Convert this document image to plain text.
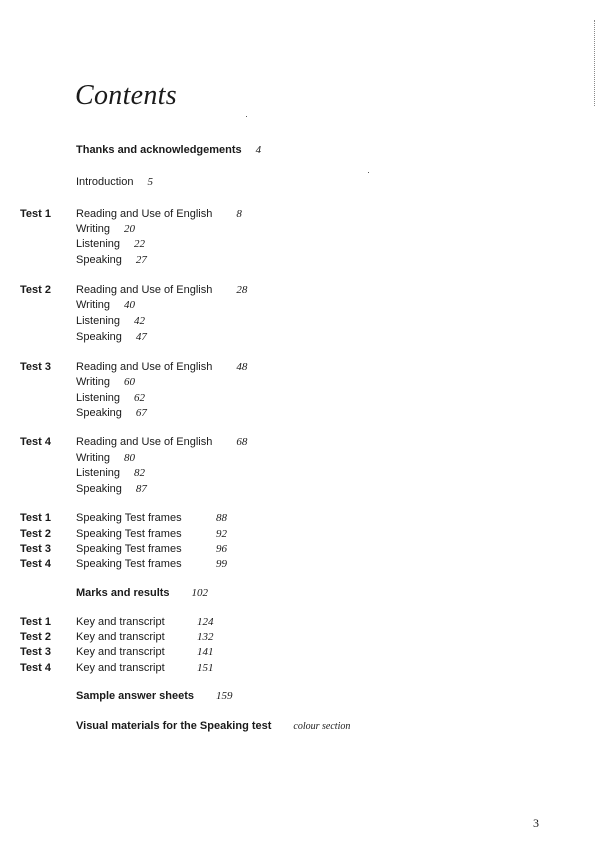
Contents
Thanks and acknowledgements 4
Introduction 5
Test 1 Reading and Use of English 8
Writing 20
Listening 22
Speaking 27
Test 2 Reading and Use of English 28
Writing 40
Listening 42
Speaking 47
Test 3 Reading and Use of English 48
Writing 60
Listening 62
Speaking 67
Test 4 Reading and Use of English 68
Writing 80
Listening 82
Speaking 87
Test 1 Speaking Test frames	88
Test 2 Speaking Test frames	92
Test 3 Speaking Test frames	96
Test 4 Speaking Test frames	99
Marks and results 102
Test 1 Key and transcript	124
Test 2 Key and transcript	132
Test 3 Key and transcript	141
Test 4 Key and transcript	151
Sample answer sheets 159
Visual materials for the Speaking test colour section
3
